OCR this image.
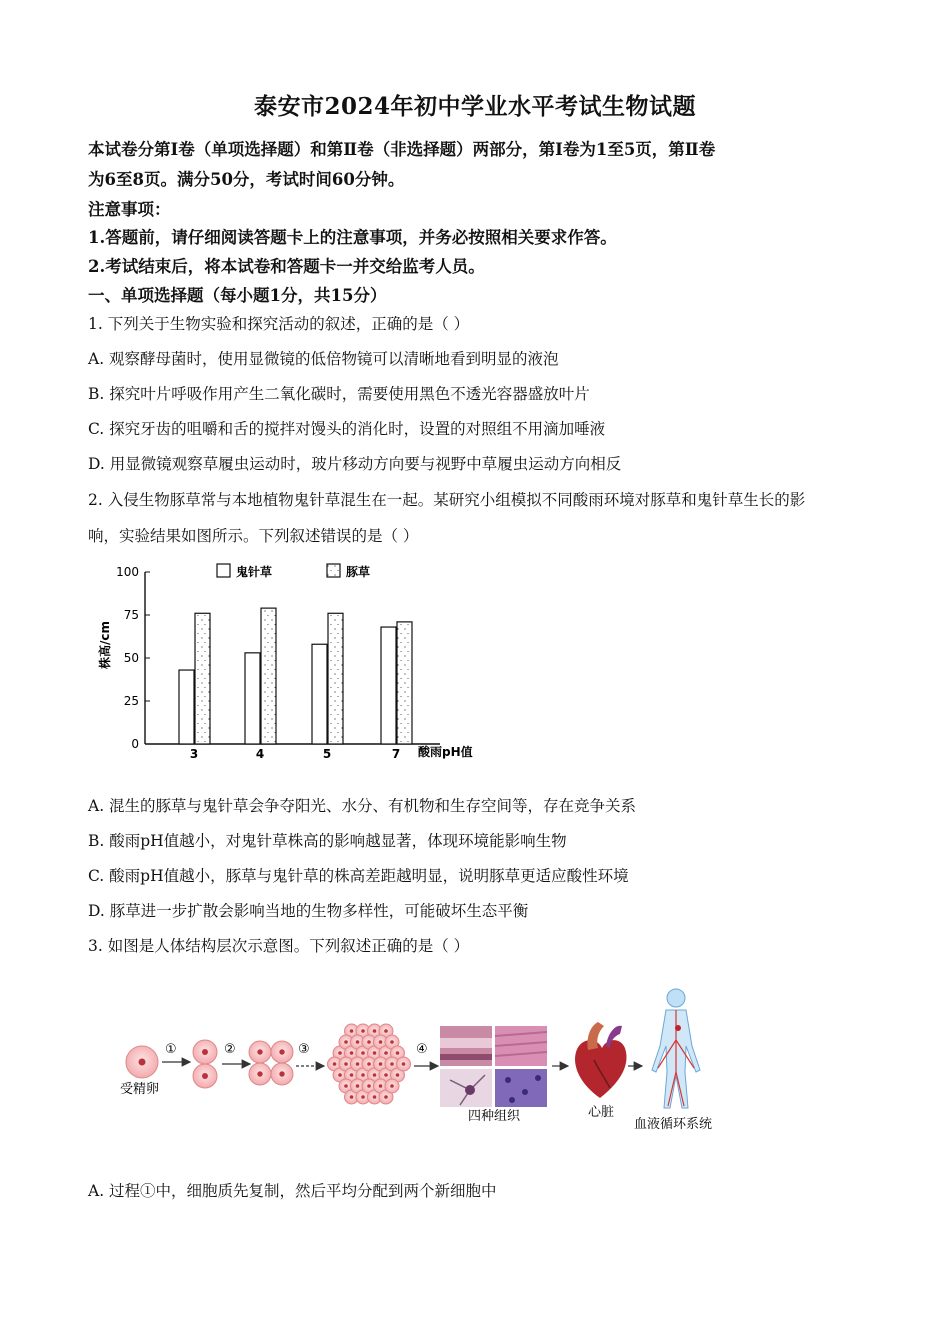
泰安市2024年初中学业水平考试生物试题
本试卷分第Ⅰ卷（单项选择题）和第Ⅱ卷（非选择题）两部分，第Ⅰ卷为1至5页，第Ⅱ卷
为6至8页。满分50分，考试时间60分钟。
注意事项：
1.答题前，请仔细阅读答题卡上的注意事项，并务必按照相关要求作答。
2.考试结束后，将本试卷和答题卡一并交给监考人员。
一、单项选择题（每小题1分，共15分）
1. 下列关于生物实验和探究活动的叙述，正确的是（ ）
A. 观察酵母菌时，使用显微镜的低倍物镜可以清晰地看到明显的液泡
B. 探究叶片呼吸作用产生二氧化碳时，需要使用黑色不透光容器盛放叶片
C. 探究牙齿的咀嚼和舌的搅拌对馒头的消化时，设置的对照组不用滴加唾液
D. 用显微镜观察草履虫运动时，玻片移动方向要与视野中草履虫运动方向相反
2. 入侵生物豚草常与本地植物鬼针草混生在一起。某研究小组模拟不同酸雨环境对豚草和鬼针草生长的影
响，实验结果如图所示。下列叙述错误的是（ ）
株高/cm
鬼针草	豚草
0
25
50
75
100
3	4	5	7 酸雨pH值
A. 混生的豚草与鬼针草会争夺阳光、水分、有机物和生存空间等，存在竞争关系
B. 酸雨pH值越小，对鬼针草株高的影响越显著，体现环境能影响生物
C. 酸雨pH值越小，豚草与鬼针草的株高差距越明显，说明豚草更适应酸性环境
D. 豚草进一步扩散会影响当地的生物多样性，可能破坏生态平衡
3. 如图是人体结构层次示意图。下列叙述正确的是（ ）
受精卵
①	②	③	④
四种组织	心脏
血液循环系统
A. 过程①中，细胞质先复制，然后平均分配到两个新细胞中
